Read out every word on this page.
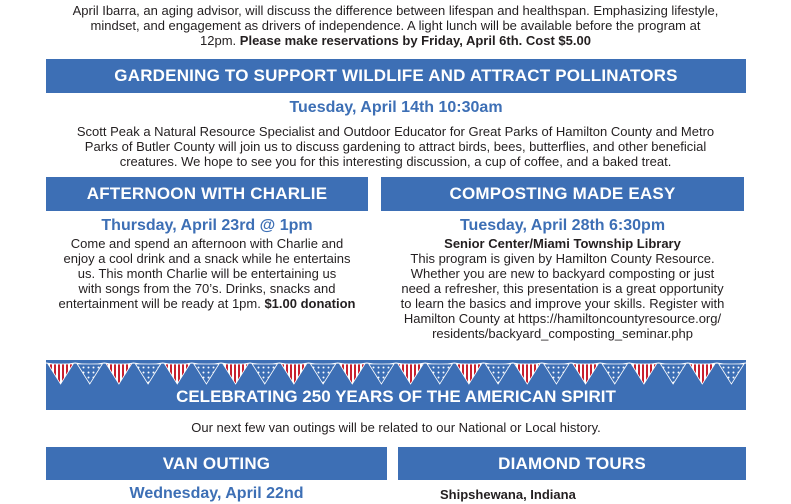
April Ibarra, an aging advisor, will discuss the difference between lifespan and healthspan. Emphasizing lifestyle,
mindset, and engagement as drivers of independence. A light lunch will be available before the program at
12pm. Please make reservations by Friday, April 6th. Cost $5.00
GARDENING TO SUPPORT WILDLIFE AND ATTRACT POLLINATORS
Tuesday, April 14th 10:30am
Scott Peak a Natural Resource Specialist and Outdoor Educator for Great Parks of Hamilton County and Metro
Parks of Butler County will join us to discuss gardening to attract birds, bees, butterflies, and other beneficial
creatures. We hope to see you for this interesting discussion, a cup of coffee, and a baked treat.
AFTERNOON WITH CHARLIE
Thursday, April 23rd @ 1pm
Come and spend an afternoon with Charlie and
enjoy a cool drink and a snack while he entertains
us. This month Charlie will be entertaining us
with songs from the 70’s. Drinks, snacks and
entertainment will be ready at 1pm. $1.00 donation
COMPOSTING MADE EASY
Tuesday, April 28th 6:30pm
Senior Center/Miami Township Library
This program is given by Hamilton County Resource.
Whether you are new to backyard composting or just
need a refresher, this presentation is a great opportunity
to learn the basics and improve your skills. Register with
Hamilton County at https://hamiltoncountyresource.org/
residents/backyard_composting_seminar.php
CELEBRATING 250 YEARS OF THE AMERICAN SPIRIT
Our next few van outings will be related to our National or Local history.
VAN OUTING
Wednesday, April 22nd
DIAMOND TOURS
Shipshewana, Indiana
